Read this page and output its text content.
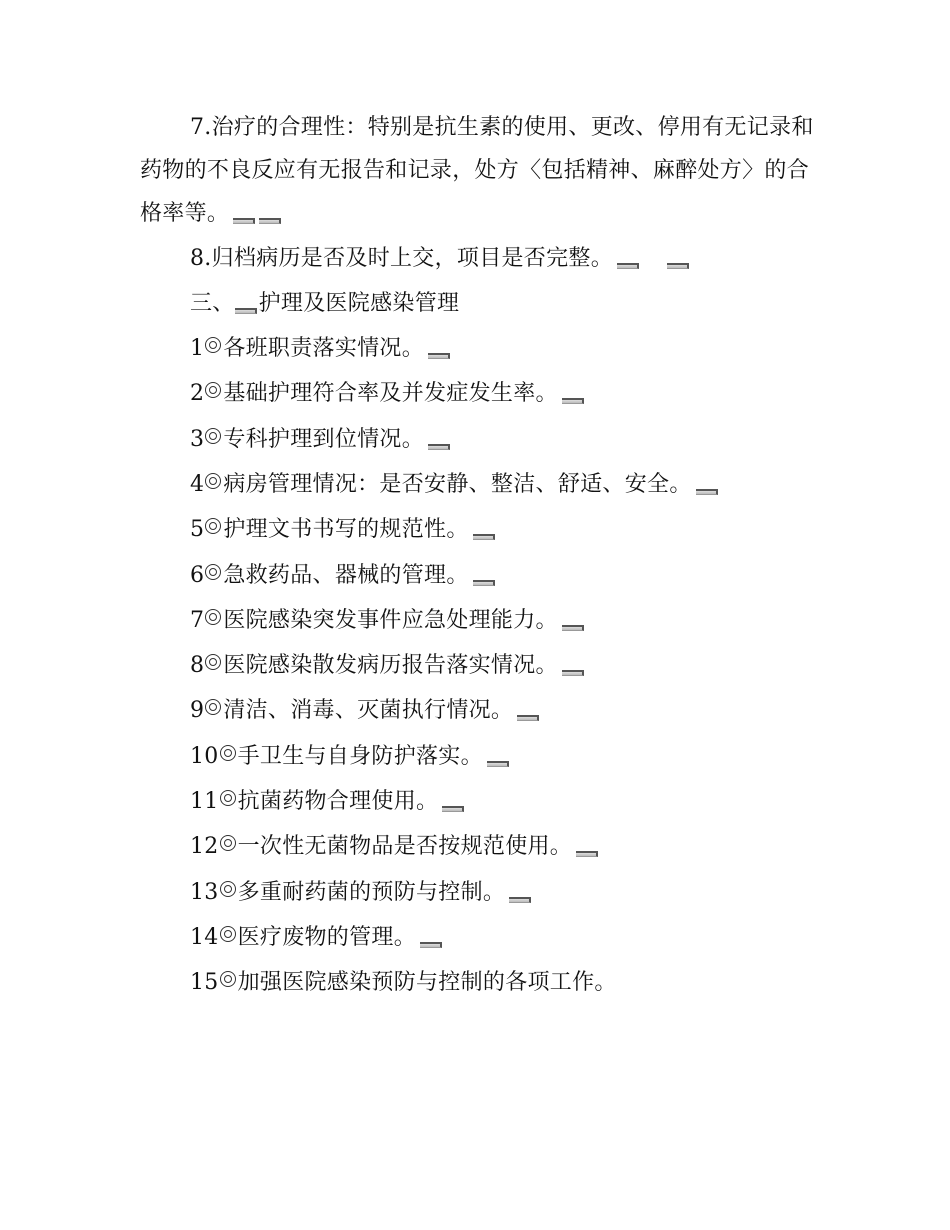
7.治疗的合理性：特别是抗生素的使用、更改、停用有无记录和药物的不良反应有无报告和记录，处方〈包括精神、麻醉处方〉的合格率等。

8.归档病历是否及时上交，项目是否完整。
三、 护理及医院感染管理
1 各班职责落实情况。
2 基础护理符合率及并发症发生率。
3 专科护理到位情况。
4 病房管理情况：是否安静、整洁、舒适、安全。
5 护理文书书写的规范性。
6 急救药品、器械的管理。
7 医院感染突发事件应急处理能力。
8 医院感染散发病历报告落实情况。
9 清洁、消毒、灭菌执行情况。
10 手卫生与自身防护落实。
11 抗菌药物合理使用。
12 一次性无菌物品是否按规范使用。
13 多重耐药菌的预防与控制。
14 医疗废物的管理。
15 加强医院感染预防与控制的各项工作。
